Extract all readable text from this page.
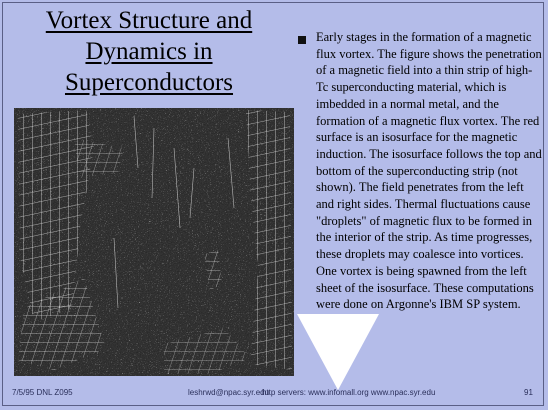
Vortex Structure and
Dynamics in
Superconductors
Early stages in the formation of a magnetic flux vortex. The figure shows the penetration of a magnetic field into a thin strip of high- Tc superconducting material, which is imbedded in a normal metal, and the formation of a magnetic flux vortex. The red surface is an isosurface for the magnetic induction. The isosurface follows the top and bottom of the superconducting strip (not shown). The field penetrates from the left and right sides. Thermal fluctuations cause "droplets" of magnetic flux to be formed in the interior of the strip. As time progresses, these droplets may coalesce into vortices. One vortex is being spawned from the left sheet of the isosurface. These computations were done on Argonne's IBM SP system.
7/5/95 DNL Z095	leshrwd@npac.syr.edu
http servers: www.infomall.org www.npac.syr.edu	91
